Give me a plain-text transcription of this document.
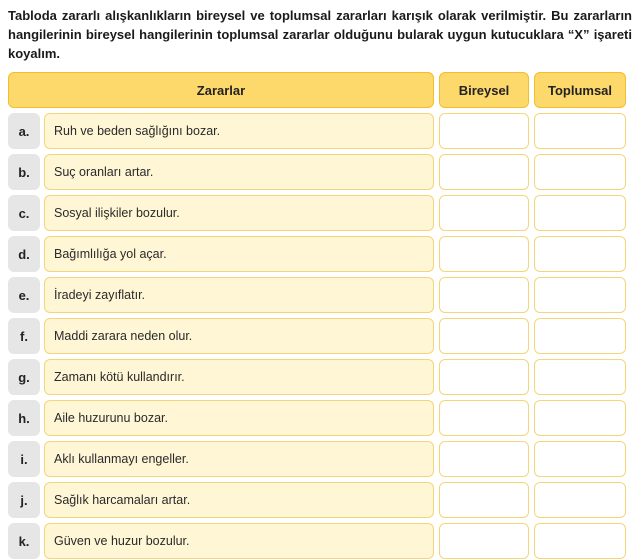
Tabloda zararlı alışkanlıkların bireysel ve toplumsal zararları karışık olarak verilmiştir. Bu zararların hangilerinin bireysel hangilerinin toplumsal zararlar olduğunu bularak uygun kutucuklara “X” işareti koyalım.

Zararlar	Bireysel	Toplumsal
a.	Ruh ve beden sağlığını bozar.
b.	Suç oranları artar.
c.	Sosyal ilişkiler bozulur.
d.	Bağımlılığa yol açar.
e.	İradeyi zayıflatır.
f.	Maddi zarara neden olur.
g.	Zamanı kötü kullandırır.
h.	Aile huzurunu bozar.
i.	Aklı kullanmayı engeller.
j.	Sağlık harcamaları artar.
k.	Güven ve huzur bozulur.
